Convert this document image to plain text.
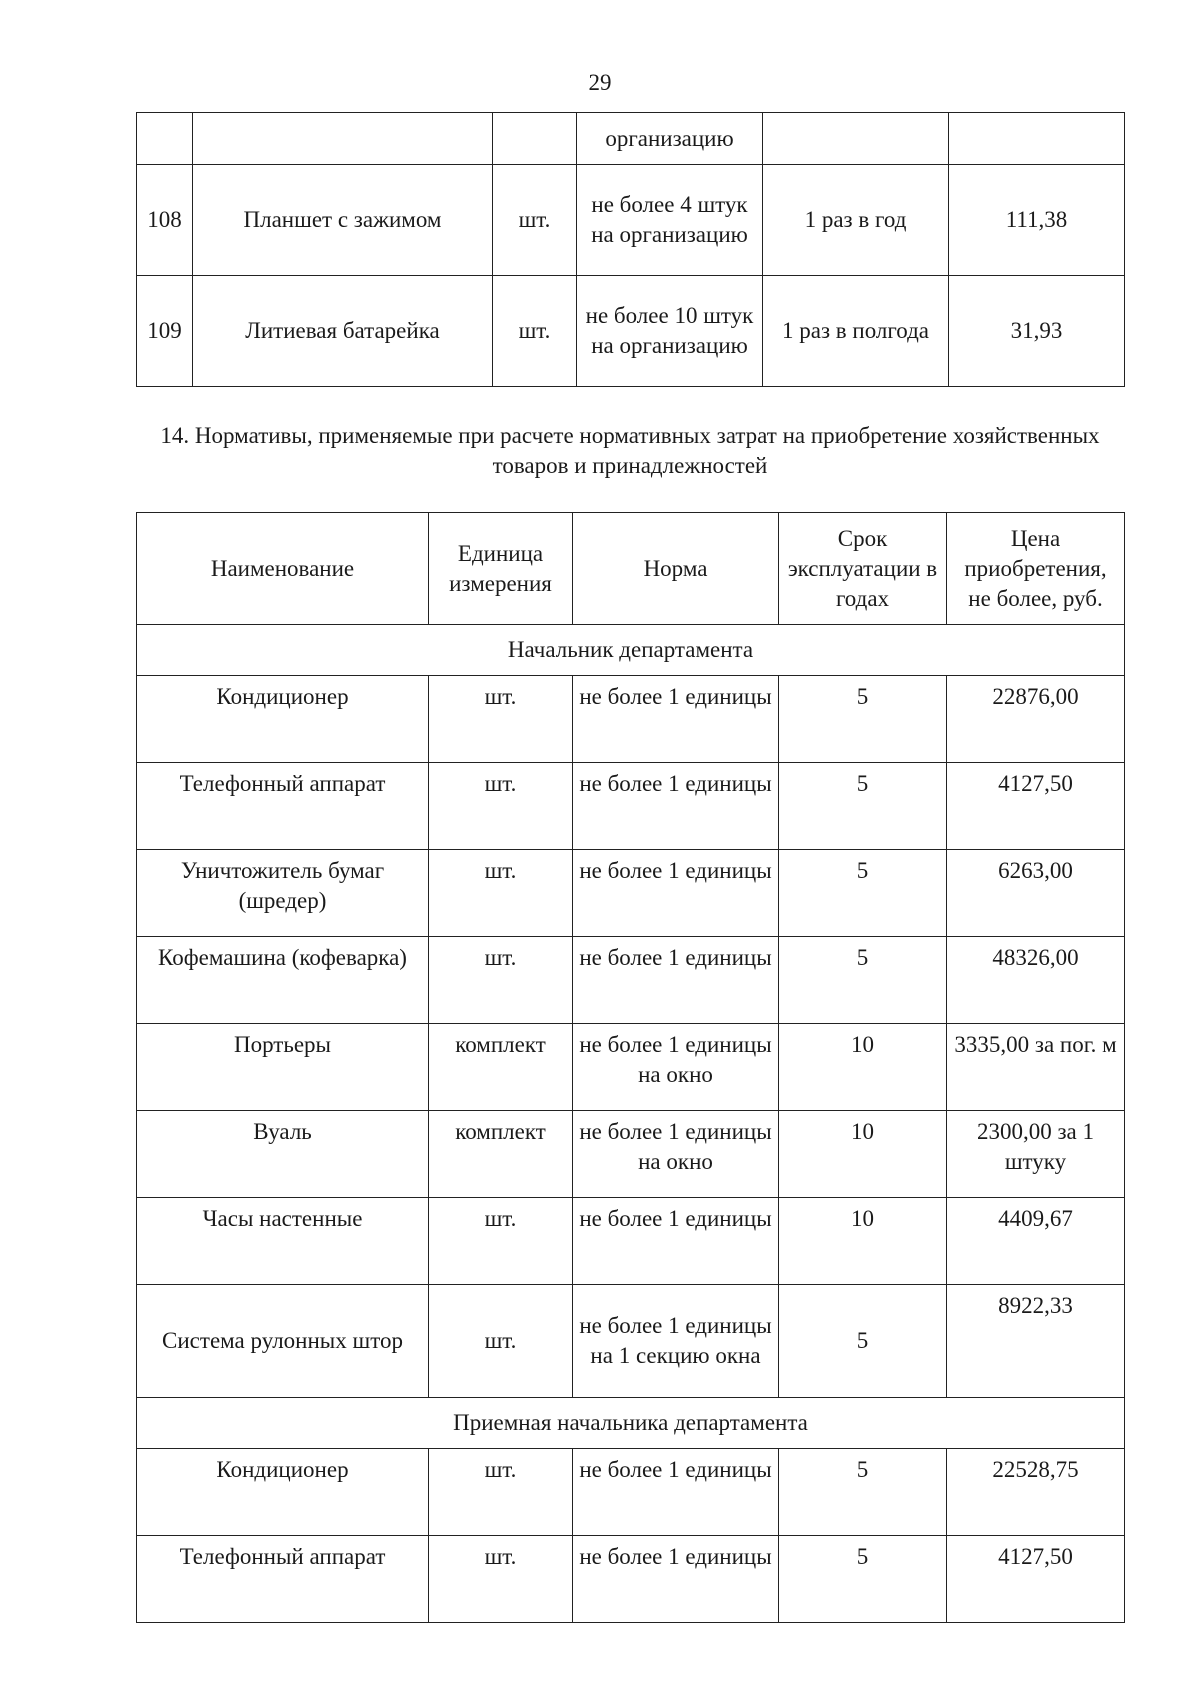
29
			организацию		
108	Планшет с зажимом	шт.	не более 4 штук на организацию	1 раз в год	111,38
109	Литиевая батарейка	шт.	не более 10 штук на организацию	1 раз в полгода	31,93
14. Нормативы, применяемые при расчете нормативных затрат на приобретение хозяйственных товаров и принадлежностей
Наименование	Единица измерения	Норма	Срок эксплуатации в годах	Цена приобретения, не более, руб.
Начальник департамента				
Кондиционер	шт.	не более 1 единицы	5	22876,00
Телефонный аппарат	шт.	не более 1 единицы	5	4127,50
Уничтожитель бумаг (шредер)	шт.	не более 1 единицы	5	6263,00
Кофемашина (кофеварка)	шт.	не более 1 единицы	5	48326,00
Портьеры	комплект	не более 1 единицы на окно	10	3335,00 за пог. м
Вуаль	комплект	не более 1 единицы на окно	10	2300,00 за 1 штуку
Часы настенные	шт.	не более 1 единицы	10	4409,67
Система рулонных штор	шт.	не более 1 единицы на 1 секцию окна	5	8922,33
Приемная начальника департамента				
Кондиционер	шт.	не более 1 единицы	5	22528,75
Телефонный аппарат	шт.	не более 1 единицы	5	4127,50
